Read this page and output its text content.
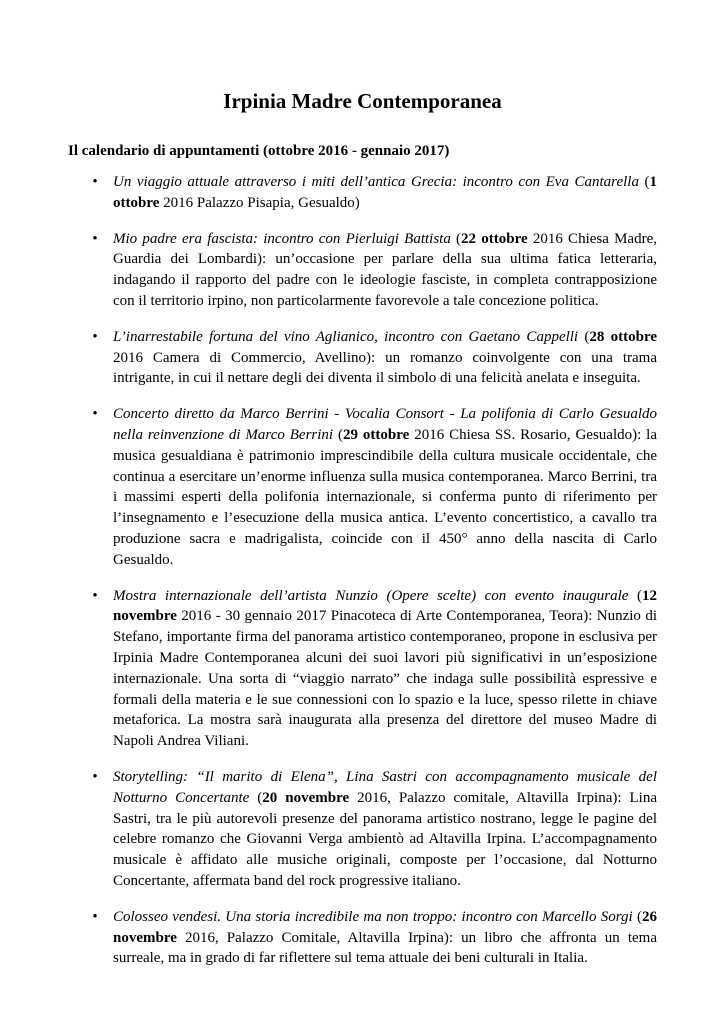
Irpinia Madre Contemporanea

Il calendario di appuntamenti (ottobre 2016 - gennaio 2017)

• Un viaggio attuale attraverso i miti dell’antica Grecia: incontro con Eva Cantarella (1 ottobre 2016 Palazzo Pisapia, Gesualdo)
• Mio padre era fascista: incontro con Pierluigi Battista (22 ottobre 2016 Chiesa Madre, Guardia dei Lombardi): un’occasione per parlare della sua ultima fatica letteraria, indagando il rapporto del padre con le ideologie fasciste, in completa contrapposizione con il territorio irpino, non particolarmente favorevole a tale concezione politica.
• L’inarrestabile fortuna del vino Aglianico, incontro con Gaetano Cappelli (28 ottobre 2016 Camera di Commercio, Avellino): un romanzo coinvolgente con una trama intrigante, in cui il nettare degli dei diventa il simbolo di una felicità anelata e inseguita.
• Concerto diretto da Marco Berrini - Vocalia Consort - La polifonia di Carlo Gesualdo nella reinvenzione di Marco Berrini (29 ottobre 2016 Chiesa SS. Rosario, Gesualdo): la musica gesualdiana è patrimonio imprescindibile della cultura musicale occidentale, che continua a esercitare un’enorme influenza sulla musica contemporanea. Marco Berrini, tra i massimi esperti della polifonia internazionale, si conferma punto di riferimento per l’insegnamento e l’esecuzione della musica antica. L’evento concertistico, a cavallo tra produzione sacra e madrigalista, coincide con il 450° anno della nascita di Carlo Gesualdo.
• Mostra internazionale dell’artista Nunzio (Opere scelte) con evento inaugurale (12 novembre 2016 - 30 gennaio 2017 Pinacoteca di Arte Contemporanea, Teora): Nunzio di Stefano, importante firma del panorama artistico contemporaneo, propone in esclusiva per Irpinia Madre Contemporanea alcuni dei suoi lavori più significativi in un’esposizione internazionale. Una sorta di “viaggio narrato” che indaga sulle possibilità espressive e formali della materia e le sue connessioni con lo spazio e la luce, spesso rilette in chiave metaforica. La mostra sarà inaugurata alla presenza del direttore del museo Madre di Napoli Andrea Viliani.
• Storytelling: “Il marito di Elena”, Lina Sastri con accompagnamento musicale del Notturno Concertante (20 novembre 2016, Palazzo comitale, Altavilla Irpina): Lina Sastri, tra le più autorevoli presenze del panorama artistico nostrano, legge le pagine del celebre romanzo che Giovanni Verga ambientò ad Altavilla Irpina. L’accompagnamento musicale è affidato alle musiche originali, composte per l’occasione, dal Notturno Concertante, affermata band del rock progressive italiano.
• Colosseo vendesi. Una storia incredibile ma non troppo: incontro con Marcello Sorgi (26 novembre 2016, Palazzo Comitale, Altavilla Irpina): un libro che affronta un tema surreale, ma in grado di far riflettere sul tema attuale dei beni culturali in Italia.
